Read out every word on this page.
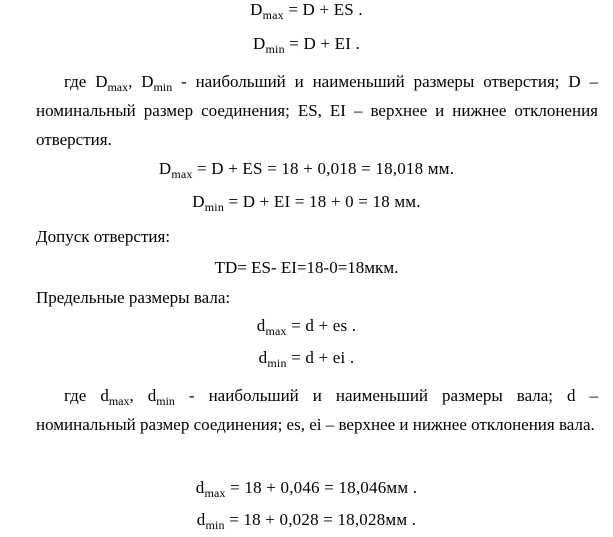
$D_{max} = D$ + ES .
$D_{min} = D$ + EI .
где $D_{max}$, $D_{min}$ - наибольший и наименьший размеры отверстия; D – номинальный размер соединения; ES, EI – верхнее и нижнее отклонения отверстия.
$D_{max} = D$ + ES = 18 + 0,018 = 18,018 мм.
$D_{min} = D$ + EI = 18 + 0 = 18 мм.
Допуск отверстия:
TD= ES- EI=18-0=18мкм.
Предельные размеры вала:
$d_{max} = d$ + es .
$d_{min} = d$ + ei .
где $d_{max}$, $d_{min}$ - наибольший и наименьший размеры вала; d – номинальный размер соединения; es, ei – верхнее и нижнее отклонения вала.
$d_{max} = 18 + 0,046 = 18,046мм$ .
$d_{min} = 18 + 0,028 = 18,028мм$ .
